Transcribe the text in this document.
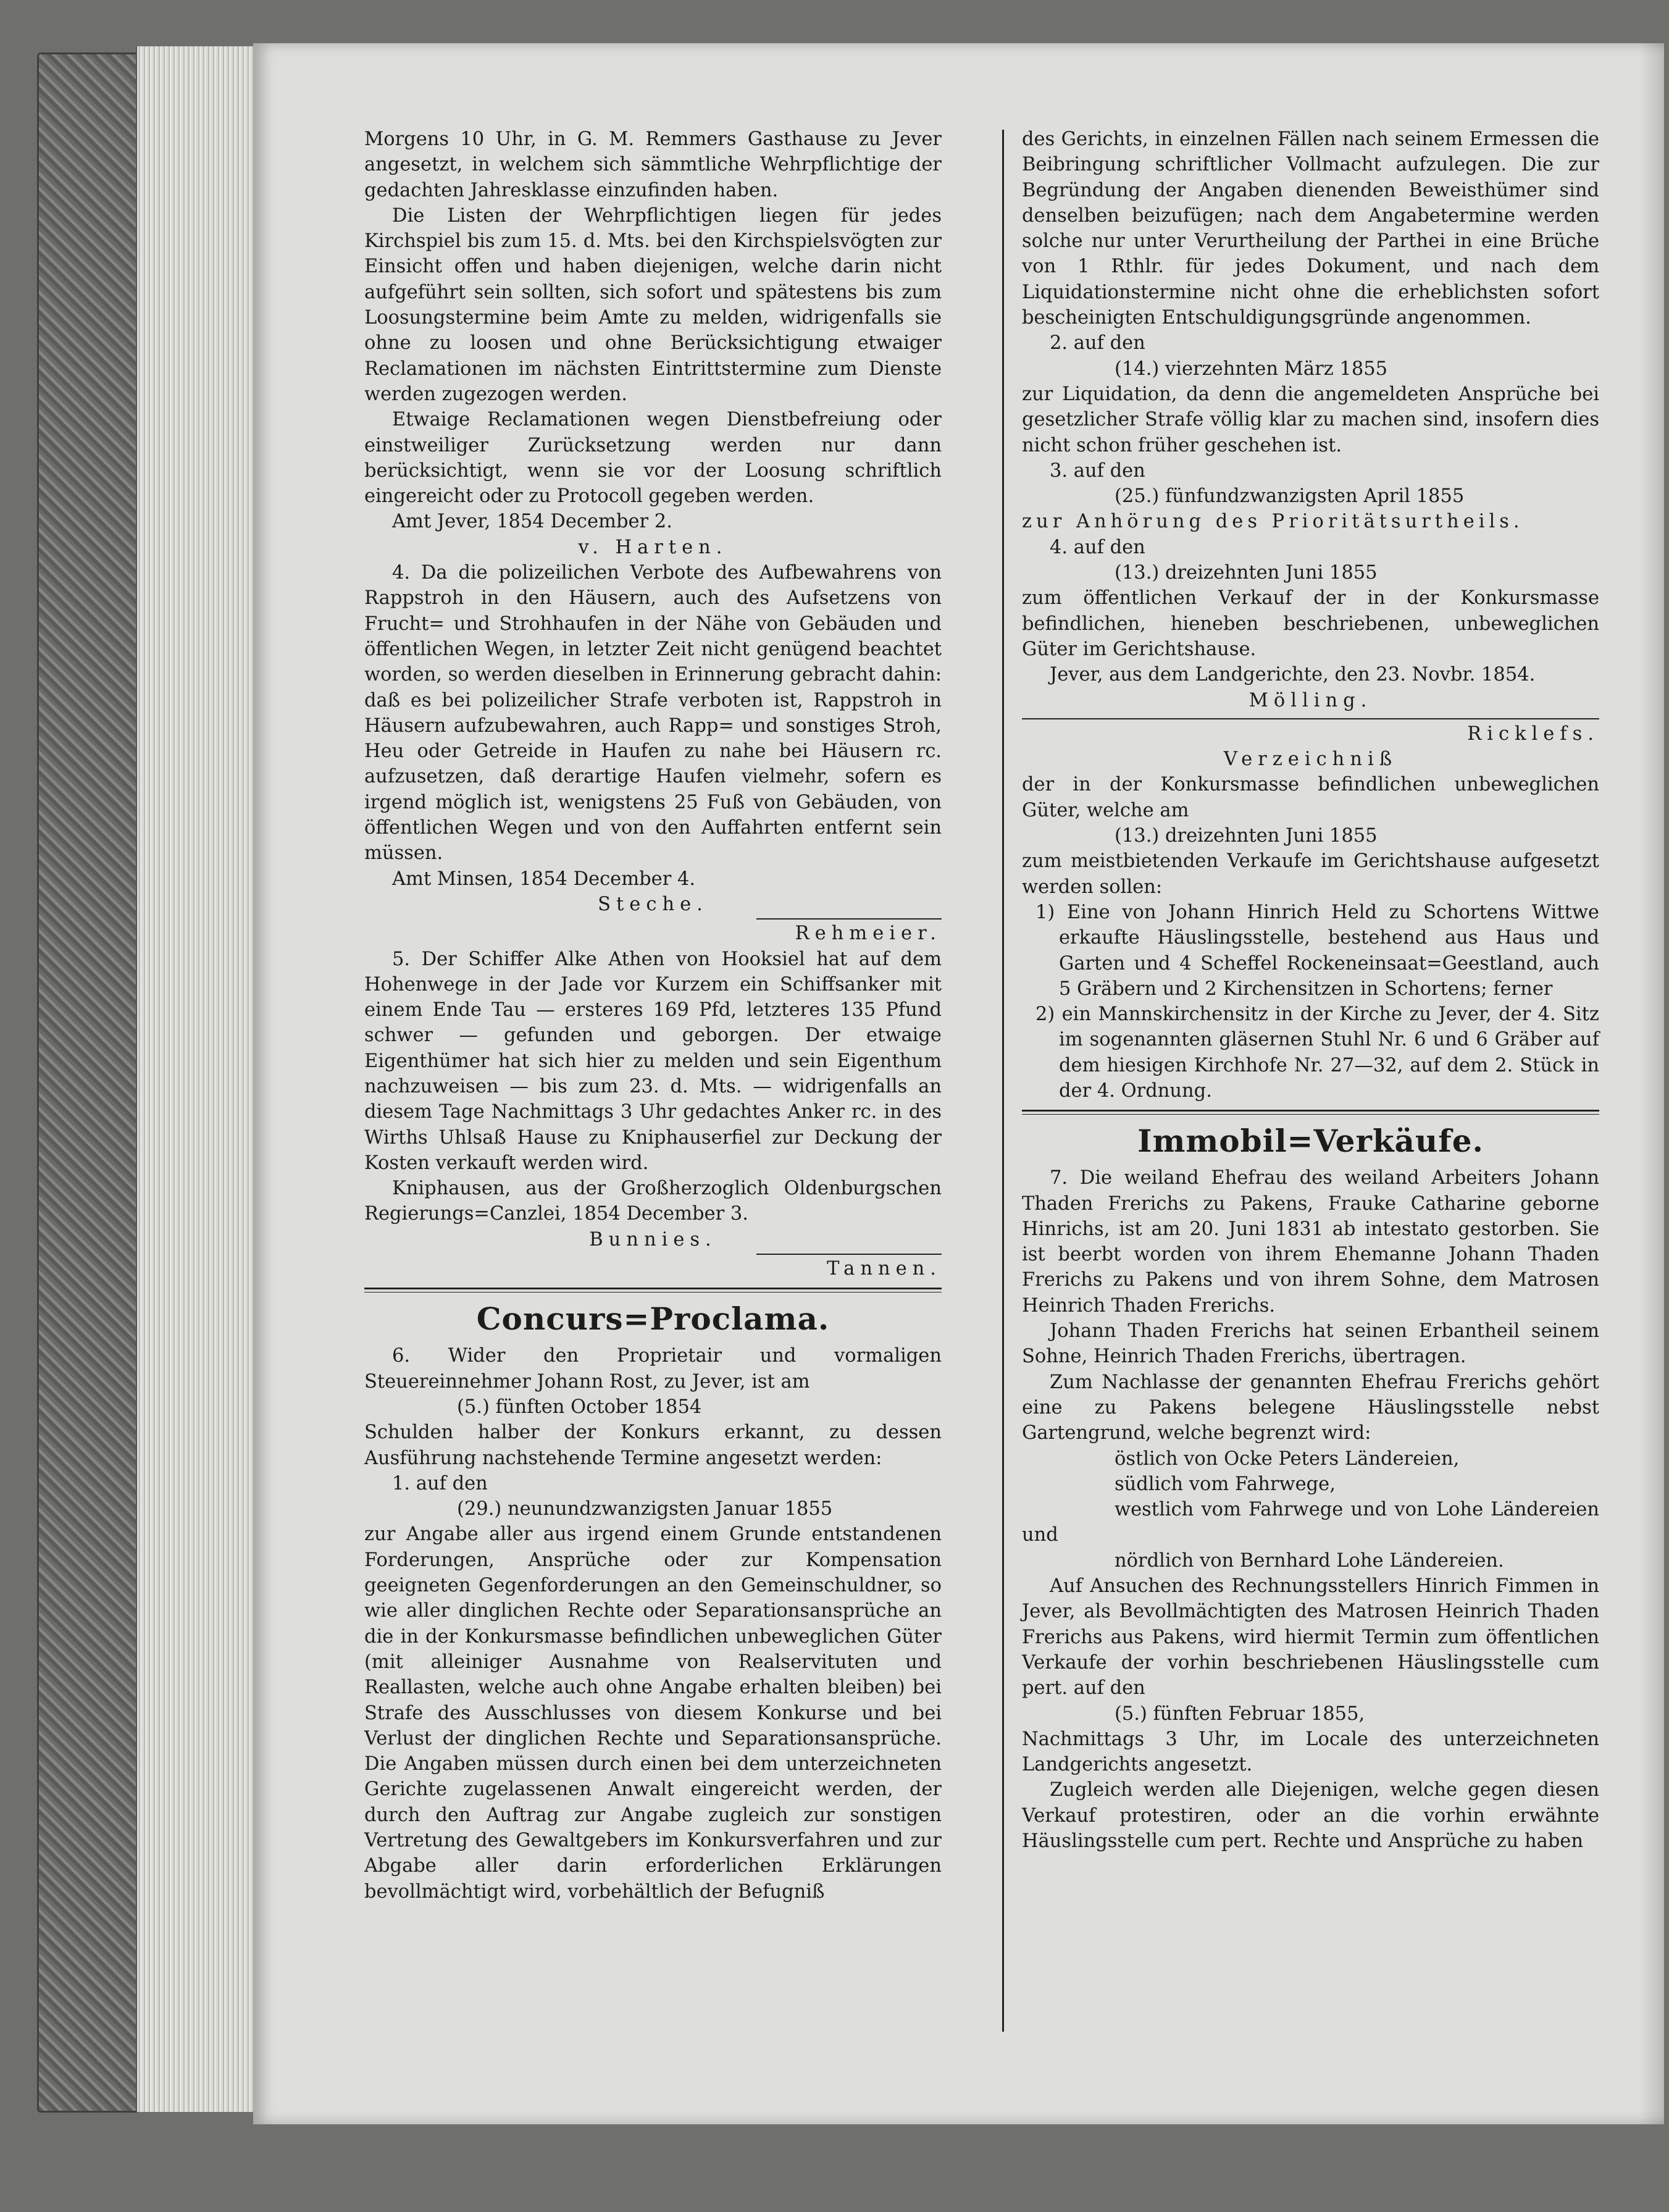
Morgens 10 Uhr, in G. M. Remmers Gasthause zu Jever angesetzt, in welchem sich sämmtliche Wehrpflichtige der gedachten Jahresklasse einzufinden haben.

Die Listen der Wehrpflichtigen liegen für jedes Kirchspiel bis zum 15. d. Mts. bei den Kirchspielsvögten zur Einsicht offen und haben diejenigen, welche darin nicht aufgeführt sein sollten, sich sofort und spätestens bis zum Loosungstermine beim Amte zu melden, widrigenfalls sie ohne zu loosen und ohne Berücksichtigung etwaiger Reclamationen im nächsten Eintrittstermine zum Dienste werden zugezogen werden.

Etwaige Reclamationen wegen Dienstbefreiung oder einstweiliger Zurücksetzung werden nur dann berücksichtigt, wenn sie vor der Loosung schriftlich eingereicht oder zu Protocoll gegeben werden.

Amt Jever, 1854 December 2.

v. Harten.

4. Da die polizeilichen Verbote des Aufbewahrens von Rappstroh in den Häusern, auch des Aufsetzens von Frucht= und Strohhaufen in der Nähe von Gebäuden und öffentlichen Wegen, in letzter Zeit nicht genügend beachtet worden, so werden dieselben in Erinnerung gebracht dahin: daß es bei polizeilicher Strafe verboten ist, Rappstroh in Häusern aufzubewahren, auch Rapp= und sonstiges Stroh, Heu oder Getreide in Haufen zu nahe bei Häusern rc. aufzusetzen, daß derartige Haufen vielmehr, sofern es irgend möglich ist, wenigstens 25 Fuß von Gebäuden, von öffentlichen Wegen und von den Auffahrten entfernt sein müssen.

Amt Minsen, 1854 December 4.

Steche.

Rehmeier.

5. Der Schiffer Alke Athen von Hooksiel hat auf dem Hohenwege in der Jade vor Kurzem ein Schiffsanker mit einem Ende Tau — ersteres 169 Pfd, letzteres 135 Pfund schwer — gefunden und geborgen. Der etwaige Eigenthümer hat sich hier zu melden und sein Eigenthum nachzuweisen — bis zum 23. d. Mts. — widrigenfalls an diesem Tage Nachmittags 3 Uhr gedachtes Anker rc. in des Wirths Uhlsaß Hause zu Kniphauserfiel zur Deckung der Kosten verkauft werden wird.

Kniphausen, aus der Großherzoglich Oldenburgschen Regierungs=Canzlei, 1854 December 3.

Bunnies.

Tannen.

Concurs=Proclama.

6. Wider den Proprietair und vormaligen Steuereinnehmer Johann Rost, zu Jever, ist am

(5.) fünften October 1854

Schulden halber der Konkurs erkannt, zu dessen Ausführung nachstehende Termine angesetzt werden:

1. auf den

(29.) neunundzwanzigsten Januar 1855

zur Angabe aller aus irgend einem Grunde entstandenen Forderungen, Ansprüche oder zur Kompensation geeigneten Gegenforderungen an den Gemeinschuldner, so wie aller dinglichen Rechte oder Separationsansprüche an die in der Konkursmasse befindlichen unbeweglichen Güter (mit alleiniger Ausnahme von Realservituten und Reallasten, welche auch ohne Angabe erhalten bleiben) bei Strafe des Ausschlusses von diesem Konkurse und bei Verlust der dinglichen Rechte und Separationsansprüche. Die Angaben müssen durch einen bei dem unterzeichneten Gerichte zugelassenen Anwalt eingereicht werden, der durch den Auftrag zur Angabe zugleich zur sonstigen Vertretung des Gewaltgebers im Konkursverfahren und zur Abgabe aller darin erforderlichen Erklärungen bevollmächtigt wird, vorbehältlich der Befugniß

des Gerichts, in einzelnen Fällen nach seinem Ermessen die Beibringung schriftlicher Vollmacht aufzulegen. Die zur Begründung der Angaben dienenden Beweisthümer sind denselben beizufügen; nach dem Angabetermine werden solche nur unter Verurtheilung der Parthei in eine Brüche von 1 Rthlr. für jedes Dokument, und nach dem Liquidationstermine nicht ohne die erheblichsten sofort bescheinigten Entschuldigungsgründe angenommen.

2. auf den

(14.) vierzehnten März 1855

zur Liquidation, da denn die angemeldeten Ansprüche bei gesetzlicher Strafe völlig klar zu machen sind, insofern dies nicht schon früher geschehen ist.

3. auf den

(25.) fünfundzwanzigsten April 1855

zur Anhörung des Prioritätsurtheils.

4. auf den

(13.) dreizehnten Juni 1855

zum öffentlichen Verkauf der in der Konkursmasse befindlichen, hieneben beschriebenen, unbeweglichen Güter im Gerichtshause.

Jever, aus dem Landgerichte, den 23. Novbr. 1854.

Mölling.

Ricklefs.

Verzeichniß

der in der Konkursmasse befindlichen unbeweglichen Güter, welche am

(13.) dreizehnten Juni 1855

zum meistbietenden Verkaufe im Gerichtshause aufgesetzt werden sollen:

1) Eine von Johann Hinrich Held zu Schortens Wittwe erkaufte Häuslingsstelle, bestehend aus Haus und Garten und 4 Scheffel Rockeneinsaat=Geestland, auch 5 Gräbern und 2 Kirchensitzen in Schortens; ferner

2) ein Mannskirchensitz in der Kirche zu Jever, der 4. Sitz im sogenannten gläsernen Stuhl Nr. 6 und 6 Gräber auf dem hiesigen Kirchhofe Nr. 27—32, auf dem 2. Stück in der 4. Ordnung.

Immobil=Verkäufe.

7. Die weiland Ehefrau des weiland Arbeiters Johann Thaden Frerichs zu Pakens, Frauke Catharine geborne Hinrichs, ist am 20. Juni 1831 ab intestato gestorben. Sie ist beerbt worden von ihrem Ehemanne Johann Thaden Frerichs zu Pakens und von ihrem Sohne, dem Matrosen Heinrich Thaden Frerichs.

Johann Thaden Frerichs hat seinen Erbantheil seinem Sohne, Heinrich Thaden Frerichs, übertragen.

Zum Nachlasse der genannten Ehefrau Frerichs gehört eine zu Pakens belegene Häuslingsstelle nebst Gartengrund, welche begrenzt wird:

östlich von Ocke Peters Ländereien,

südlich vom Fahrwege,

westlich vom Fahrwege und von Lohe Ländereien und

nördlich von Bernhard Lohe Ländereien.

Auf Ansuchen des Rechnungsstellers Hinrich Fimmen in Jever, als Bevollmächtigten des Matrosen Heinrich Thaden Frerichs aus Pakens, wird hiermit Termin zum öffentlichen Verkaufe der vorhin beschriebenen Häuslingsstelle cum pert. auf den

(5.) fünften Februar 1855,

Nachmittags 3 Uhr, im Locale des unterzeichneten Landgerichts angesetzt.

Zugleich werden alle Diejenigen, welche gegen diesen Verkauf protestiren, oder an die vorhin erwähnte Häuslingsstelle cum pert. Rechte und Ansprüche zu haben
